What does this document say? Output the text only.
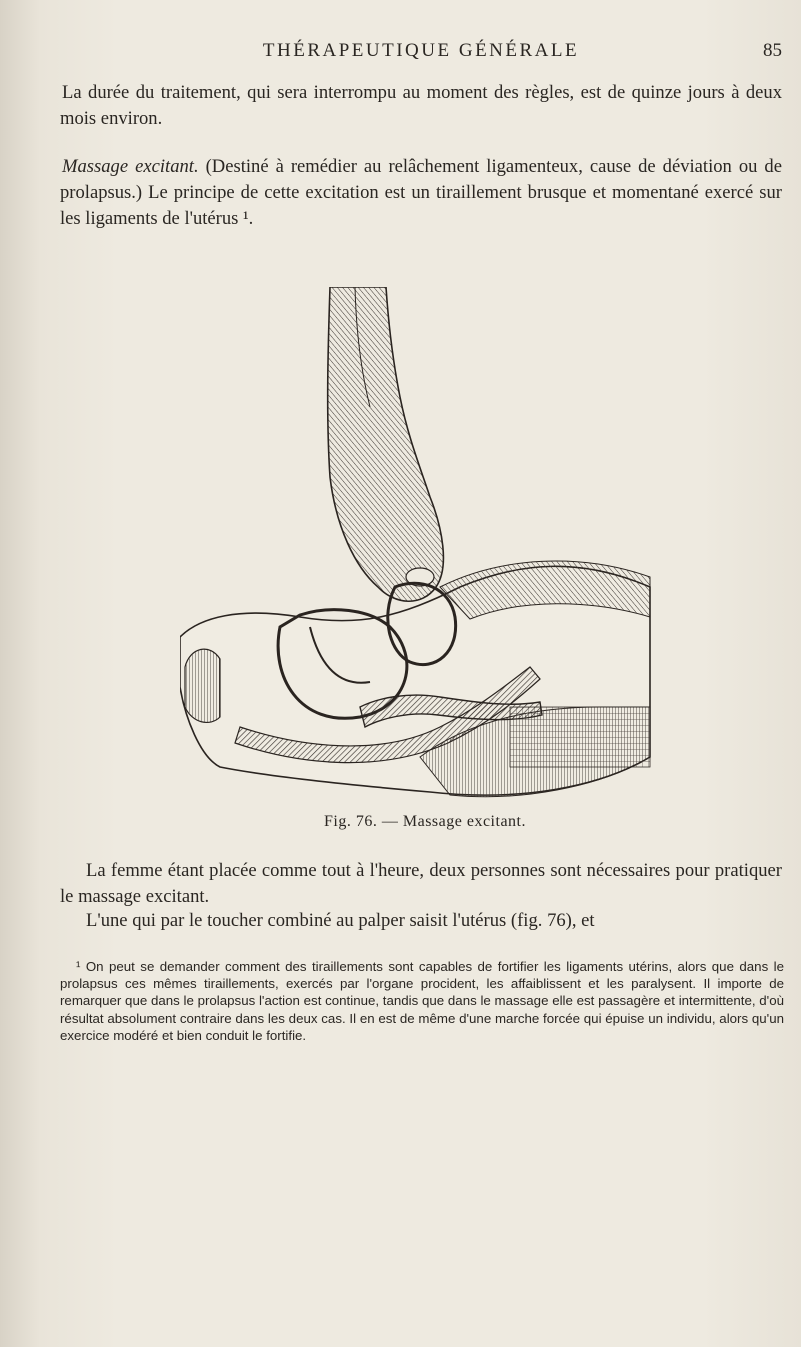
THÉRAPEUTIQUE GÉNÉRALE	85

La durée du traitement, qui sera interrompu au moment des règles, est de quinze jours à deux mois environ.

Massage excitant. (Destiné à remédier au relâchement ligamenteux, cause de déviation ou de prolapsus.) Le principe de cette excitation est un tiraillement brusque et momentané exercé sur les ligaments de l'utérus ¹.

Fig. 76. — Massage excitant.

La femme étant placée comme tout à l'heure, deux personnes sont nécessaires pour pratiquer le massage excitant.

L'une qui par le toucher combiné au palper saisit l'utérus (fig. 76), et

¹ On peut se demander comment des tiraillements sont capables de fortifier les ligaments utérins, alors que dans le prolapsus ces mêmes tiraillements, exercés par l'organe procident, les affaiblissent et les paralysent. Il importe de remarquer que dans le prolapsus l'action est continue, tandis que dans le massage elle est passagère et intermittente, d'où résultat absolument contraire dans les deux cas. Il en est de même d'une marche forcée qui épuise un individu, alors qu'un exercice modéré et bien conduit le fortifie.
